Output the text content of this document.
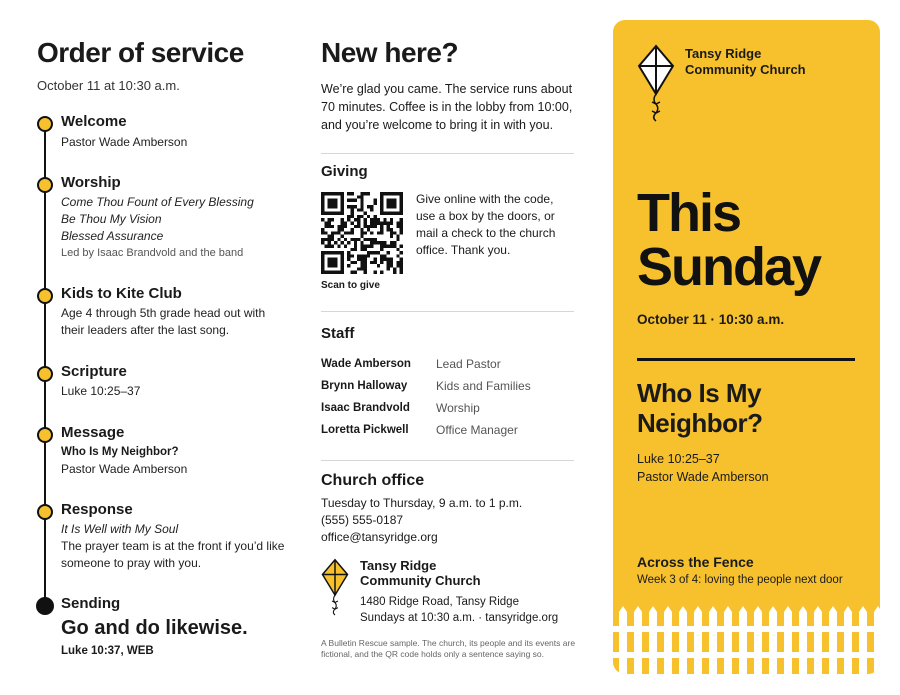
Order of service
October 11 at 10:30 a.m.
Welcome
Pastor Wade Amberson
Worship
Come Thou Fount of Every Blessing
Be Thou My Vision
Blessed Assurance
Led by Isaac Brandvold and the band
Kids to Kite Club
Age 4 through 5th grade head out with their leaders after the last song.
Scripture
Luke 10:25–37
Message
Who Is My Neighbor?
Pastor Wade Amberson
Response
It Is Well with My Soul
The prayer team is at the front if you’d like someone to pray with you.
Sending
Go and do likewise.
Luke 10:37, WEB
New here?
We’re glad you came. The service runs about 70 minutes. Coffee is in the lobby from 10:00, and you’re welcome to bring it in with you.
Giving
Scan to give
Give online with the code, use a box by the doors, or mail a check to the church office. Thank you.
Staff
Wade Amberson	Lead Pastor
Brynn Halloway	Kids and Families
Isaac Brandvold	Worship
Loretta Pickwell	Office Manager
Church office
Tuesday to Thursday, 9 a.m. to 1 p.m.
(555) 555-0187
office@tansyridge.org
Tansy Ridge
Community Church
1480 Ridge Road, Tansy Ridge
Sundays at 10:30 a.m. · tansyridge.org
A Bulletin Rescue sample. The church, its people and its events are fictional, and the QR code holds only a sentence saying so.
Tansy Ridge
Community Church
This
Sunday
October 11 · 10:30 a.m.
Who Is My
Neighbor?
Luke 10:25–37
Pastor Wade Amberson
Across the Fence
Week 3 of 4: loving the people next door
